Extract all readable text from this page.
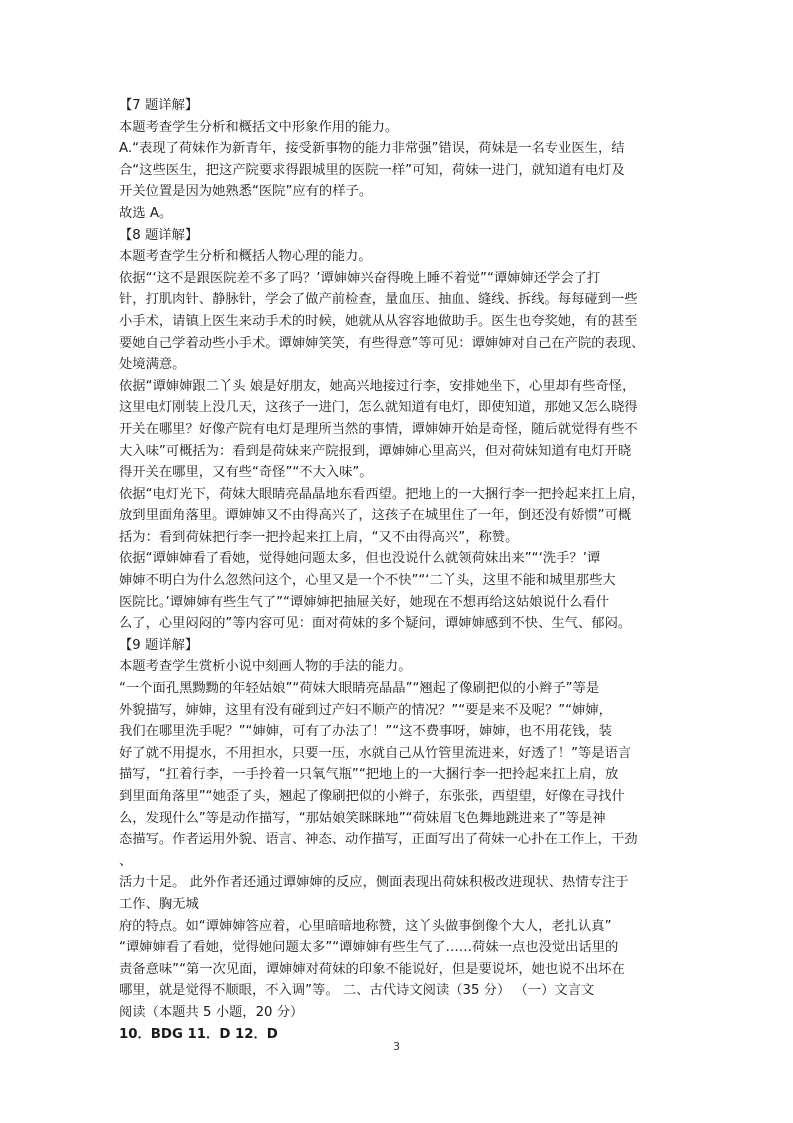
【7 题详解】
本题考查学生分析和概括文中形象作用的能力。
A.“表现了荷妹作为新青年，接受新事物的能力非常强”错误，荷妹是一名专业医生，结
合“这些医生，把这产院要求得跟城里的医院一样”可知，荷妹一进门，就知道有电灯及
开关位置是因为她熟悉“医院”应有的样子。
故选 A。
【8 题详解】
本题考查学生分析和概括人物心理的能力。
依据“‘这不是跟医院差不多了吗？’谭婶婶兴奋得晚上睡不着觉”“谭婶婶还学会了打
针，打肌肉针、静脉针，学会了做产前检查，量血压、抽血、缝线、拆线。每每碰到一些
小手术，请镇上医生来动手术的时候，她就从从容容地做助手。医生也夸奖她，有的甚至
要她自己学着动些小手术。谭婶婶笑笑，有些得意”等可见：谭婶婶对自己在产院的表现、
处境满意。
依据“谭婶婶跟二丫头 娘是好朋友，她高兴地接过行李，安排她坐下，心里却有些奇怪，
这里电灯刚装上没几天，这孩子一进门，怎么就知道有电灯，即使知道，那她又怎么晓得
开关在哪里？好像产院有电灯是理所当然的事情，谭婶婶开始是奇怪，随后就觉得有些不
大入味”可概括为：看到是荷妹来产院报到，谭婶婶心里高兴，但对荷妹知道有电灯开晓
得开关在哪里，又有些“奇怪”“不大入味”。
依据“电灯光下，荷妹大眼睛亮晶晶地东看西望。把地上的一大捆行李一把拎起来扛上肩，
放到里面角落里。谭婶婶又不由得高兴了，这孩子在城里住了一年，倒还没有娇惯”可概
括为：看到荷妹把行李一把拎起来扛上肩，“又不由得高兴”，称赞。
依据“谭婶婶看了看她，觉得她问题太多，但也没说什么就领荷妹出来”“‘洗手？’谭
婶婶不明白为什么忽然问这个，心里又是一个不快”“‘二丫头，这里不能和城里那些大
医院比。’谭婶婶有些生气了”“谭婶婶把抽屉关好，她现在不想再给这姑娘说什么看什
么了，心里闷闷的”等内容可见：面对荷妹的多个疑问，谭婶婶感到不快、生气、郁闷。
【9 题详解】
本题考查学生赏析小说中刻画人物的手法的能力。
“一个面孔黑黝黝的年轻姑娘”“荷妹大眼睛亮晶晶”“翘起了像刷把似的小辫子”等是
外貌描写，婶婶，这里有没有碰到过产妇不顺产的情况？”“要是来不及呢？”“婶婶，
我们在哪里洗手呢？”“婶婶，可有了办法了！”“这不费事呀，婶婶，也不用花钱，装
好了就不用提水，不用担水，只要一压，水就自己从竹管里流进来，好透了！”等是语言
描写，“扛着行李，一手拎着一只氧气瓶”“把地上的一大捆行李一把拎起来扛上肩，放
到里面角落里”“她歪了头，翘起了像刷把似的小辫子，东张张，西望望，好像在寻找什
么，发现什么”等是动作描写，“那姑娘笑眯眯地”“荷妹眉飞色舞地跳进来了”等是神
态描写。作者运用外貌、语言、神态、动作描写，正面写出了荷妹一心扑在工作上，干劲
、
活力十足。 此外作者还通过谭婶婶的反应，侧面表现出荷妹积极改进现状、热情专注于
工作、胸无城
府的特点。如“谭婶婶答应着，心里暗暗地称赞，这丫头做事倒像个大人，老扎认真”
“谭婶婶看了看她，觉得她问题太多”“谭婶婶有些生气了……荷妹一点也没觉出话里的
责备意味”“第一次见面，谭婶婶对荷妹的印象不能说好，但是要说坏，她也说不出坏在
哪里，就是觉得不顺眼，不入调”等。 二、古代诗文阅读（35 分） （一）文言文
阅读（本题共 5 小题，20 分）
10．BDG 11．D 12．D
3
